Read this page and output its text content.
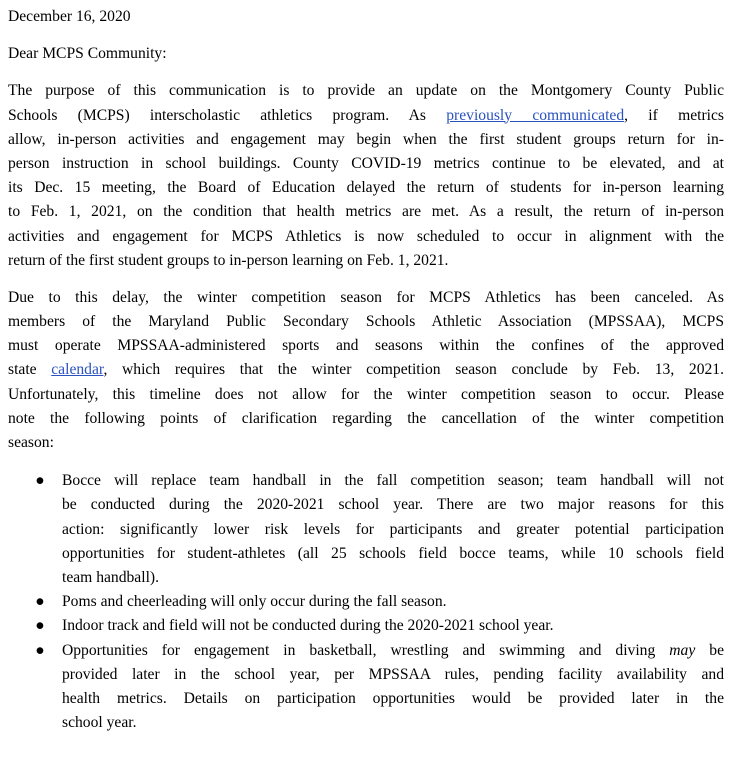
December 16, 2020
Dear MCPS Community:
The purpose of this communication is to provide an update on the Montgomery County Public
Schools (MCPS) interscholastic athletics program. As previously communicated, if metrics
allow, in-person activities and engagement may begin when the first student groups return for in-
person instruction in school buildings. County COVID-19 metrics continue to be elevated, and at
its Dec. 15 meeting, the Board of Education delayed the return of students for in-person learning
to Feb. 1, 2021, on the condition that health metrics are met. As a result, the return of in-person
activities and engagement for MCPS Athletics is now scheduled to occur in alignment with the
return of the first student groups to in-person learning on Feb. 1, 2021.
Due to this delay, the winter competition season for MCPS Athletics has been canceled. As
members of the Maryland Public Secondary Schools Athletic Association (MPSSAA), MCPS
must operate MPSSAA-administered sports and seasons within the confines of the approved
state calendar, which requires that the winter competition season conclude by Feb. 13, 2021.
Unfortunately, this timeline does not allow for the winter competition season to occur. Please
note the following points of clarification regarding the cancellation of the winter competition
season:
●	Bocce will replace team handball in the fall competition season; team handball will not
be conducted during the 2020-2021 school year. There are two major reasons for this
action: significantly lower risk levels for participants and greater potential participation
opportunities for student-athletes (all 25 schools field bocce teams, while 10 schools field
team handball).
●	Poms and cheerleading will only occur during the fall season.
●	Indoor track and field will not be conducted during the 2020-2021 school year.
●	Opportunities for engagement in basketball, wrestling and swimming and diving may be
provided later in the school year, per MPSSAA rules, pending facility availability and
health metrics. Details on participation opportunities would be provided later in the
school year.
